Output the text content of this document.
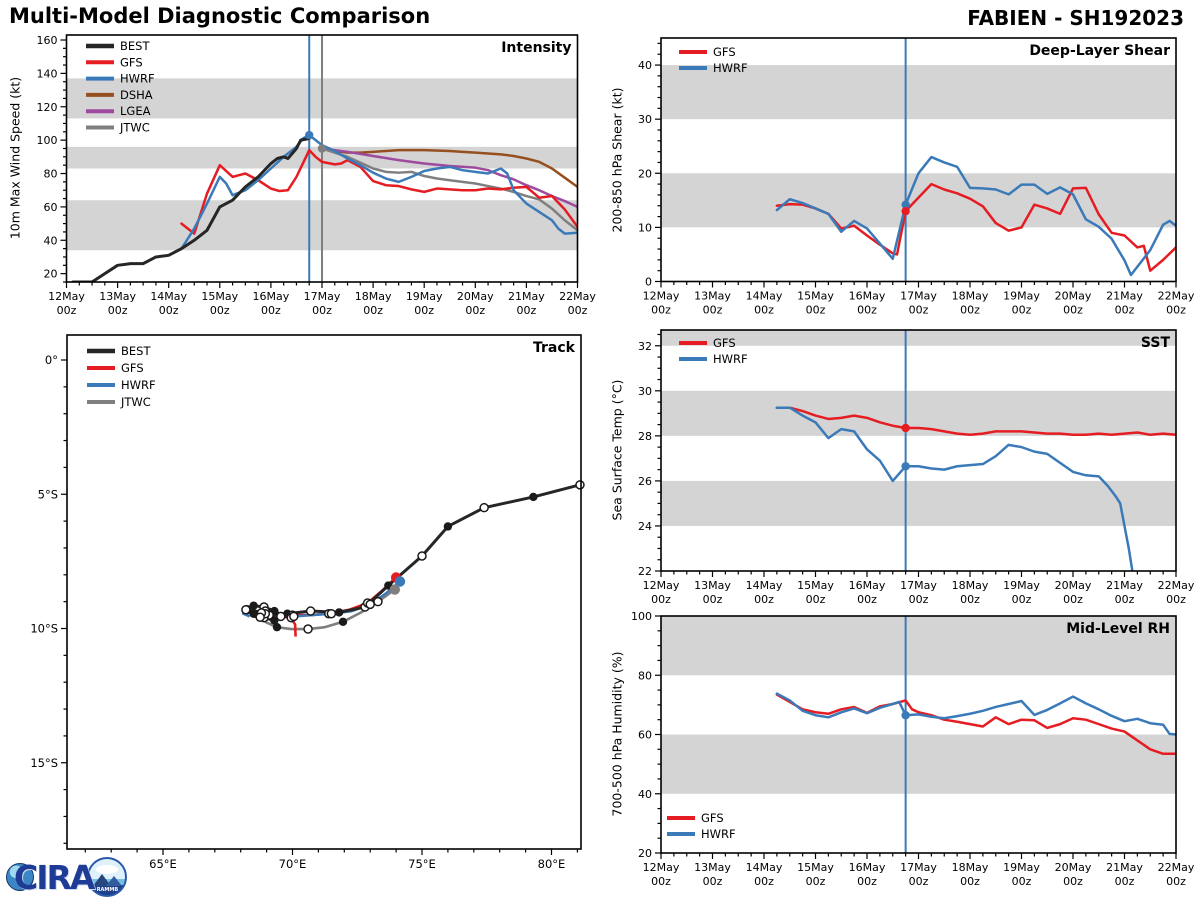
Multi-Model Diagnostic Comparison	FABIEN - SH192023
12May
00z
13May
00z
14May
00z
15May
00z
16May
00z
17May
00z
18May
00z
19May
00z
20May
00z
21May
00z
22May
00z
20
40
60
80
100
120
140
160	BEST
GFS
HWRF
DSHA
LGEA
JTWC
Intensity
12May
00z
13May
00z
14May
00z
15May
00z
16May
00z
17May
00z
18May
00z
19May
00z
20May
00z
21May
00z
22May
00z
0
10
20
30
40
GFS
HWRF
Deep-Layer Shear
12May
00z
13May
00z
14May
00z
15May
00z
16May
00z
17May
00z
18May
00z
19May
00z
20May
00z
21May
00z
22May
00z
22
24
26
28
30
32	GFS
HWRF
SST
12May
00z
13May
00z
14May
00z
15May
00z
16May
00z
17May
00z
18May
00z
19May
00z
20May
00z
21May
00z
22May
00z
20
40
60
80
100
GFS
HWRF
Mid-Level RH
65°E	70°E	75°E	80°E
0°
5°S
10°S
15°S
BEST
GFS
HWRF
JTWC
Track
10m Max Wind Speed (kt)	200-850 hPa Shear (kt)
Sea Surface Temp (°C)
700-500 hPa Humidity (%)
CIRA RAMMB
